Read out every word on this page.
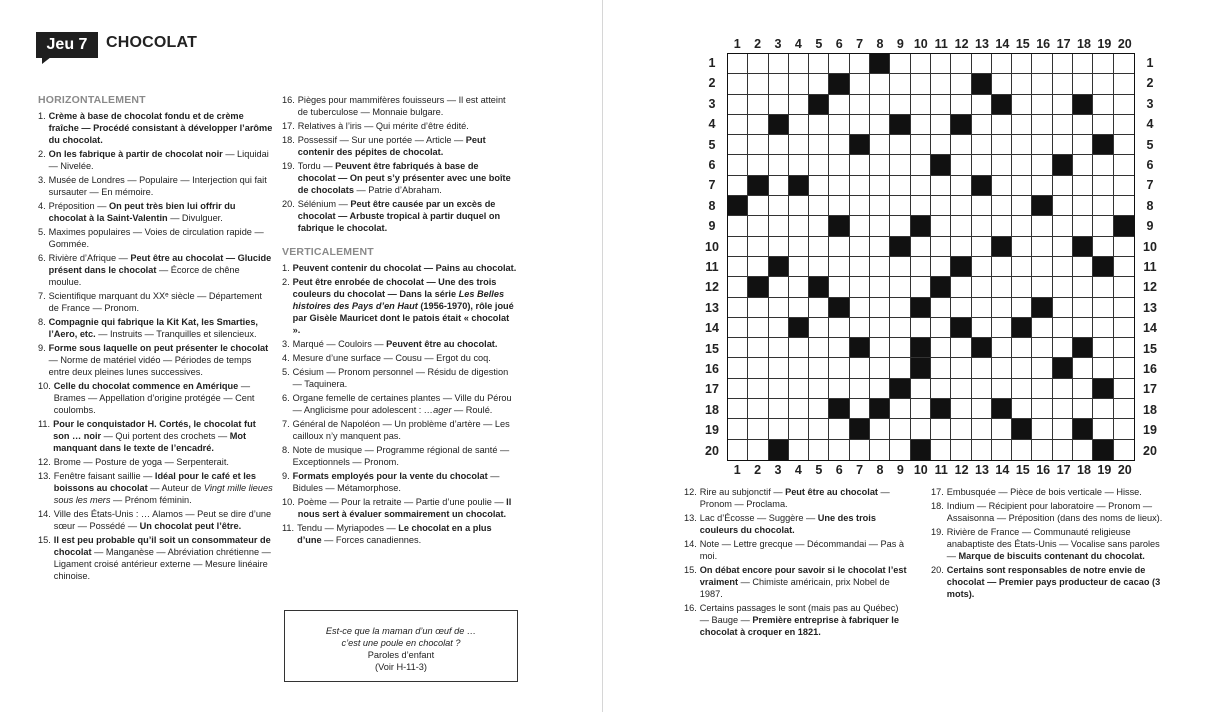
Jeu 7	CHOCOLAT
HORIZONTALEMENT
1. Crème à base de chocolat fondu et de crème fraîche — Procédé consistant à développer l’arôme du chocolat.
2. On les fabrique à partir de chocolat noir — Liquidai — Nivelée.
3. Musée de Londres — Populaire — Interjection qui fait sursauter — En mémoire.
4. Préposition — On peut très bien lui offrir du chocolat à la Saint-Valentin — Divulguer.
5. Maximes populaires — Voies de circulation rapide — Gommée.
6. Rivière d’Afrique — Peut être au chocolat — Glucide présent dans le chocolat — Écorce de chêne moulue.
7. Scientifique marquant du XXᵉ siècle — Département de France — Pronom.
8. Compagnie qui fabrique la Kit Kat, les Smarties, l’Aero, etc. — Instruits — Tranquilles et silencieux.
9. Forme sous laquelle on peut présenter le chocolat — Norme de matériel vidéo — Périodes de temps entre deux pleines lunes successives.
10. Celle du chocolat commence en Amérique — Brames — Appellation d’origine protégée — Cent coulombs.
11. Pour le conquistador H. Cortés, le chocolat fut son … noir — Qui portent des crochets — Mot manquant dans le texte de l’encadré.
12. Brome — Posture de yoga — Serpenterait.
13. Fenêtre faisant saillie — Idéal pour le café et les boissons au chocolat — Auteur de Vingt mille lieues sous les mers — Prénom féminin.
14. Ville des États-Unis : … Alamos — Peut se dire d’une sœur — Possédé — Un chocolat peut l’être.
15. Il est peu probable qu’il soit un consommateur de chocolat — Manganèse — Abréviation chrétienne — Ligament croisé antérieur externe — Mesure linéaire chinoise.
16. Pièges pour mammifères fouisseurs — Il est atteint de tuberculose — Monnaie bulgare.
17. Relatives à l’iris — Qui mérite d’être édité.
18. Possessif — Sur une portée — Article — Peut contenir des pépites de chocolat.
19. Tordu — Peuvent être fabriqués à base de chocolat — On peut s’y présenter avec une boîte de chocolats — Patrie d’Abraham.
20. Sélénium — Peut être causée par un excès de chocolat — Arbuste tropical à partir duquel on fabrique le chocolat.
VERTICALEMENT
1. Peuvent contenir du chocolat — Pains au chocolat.
2. Peut être enrobée de chocolat — Une des trois couleurs du chocolat — Dans la série Les Belles histoires des Pays d’en Haut (1956-1970), rôle joué par Gisèle Mauricet dont le patois était « chocolat ».
3. Marqué — Couloirs — Peuvent être au chocolat.
4. Mesure d’une surface — Cousu — Ergot du coq.
5. Césium — Pronom personnel — Résidu de digestion — Taquinera.
6. Organe femelle de certaines plantes — Ville du Pérou — Anglicisme pour adolescent : …ager — Roulé.
7. Général de Napoléon — Un problème d’artère — Les cailloux n’y manquent pas.
8. Note de musique — Programme régional de santé — Exceptionnels — Pronom.
9. Formats employés pour la vente du chocolat — Bidules — Métamorphose.
10. Poème — Pour la retraite — Partie d’une poulie — Il nous sert à évaluer sommairement un chocolat.
11. Tendu — Myriapodes — Le chocolat en a plus d’une — Forces canadiennes.
Est-ce que la maman d’un œuf de …
c’est une poule en chocolat ?
Paroles d’enfant
(Voir H-11-3)
1
1
1	1
2
2
2	2
3
3
3	3
4
4
4	4
5
5
5	5
6
6
6	6
7
7
7	7
8
8
8	8
9
9
9	9
10
10
10	10
11
11
11	11
12
12
12	12
13
13
13	13
14
14
14	14
15
15
15	15
16
16
16	16
17
17
17	17
18
18
18	18
19
19
19	19
20
20
20	20
12. Rire au subjonctif — Peut être au chocolat — Pronom — Proclama.
13. Lac d’Écosse — Suggère — Une des trois couleurs du chocolat.
14. Note — Lettre grecque — Décommandai — Pas à moi.
15. On débat encore pour savoir si le chocolat l’est vraiment — Chimiste américain, prix Nobel de 1987.
16. Certains passages le sont (mais pas au Québec) — Bauge — Première entreprise à fabriquer le chocolat à croquer en 1821.
17. Embusquée — Pièce de bois verticale — Hisse.
18. Indium — Récipient pour laboratoire — Pronom — Assaisonna — Préposition (dans des noms de lieux).
19. Rivière de France — Communauté religieuse anabaptiste des États-Unis — Vocalise sans paroles — Marque de biscuits contenant du chocolat.
20. Certains sont responsables de notre envie de chocolat — Premier pays producteur de cacao (3 mots).
